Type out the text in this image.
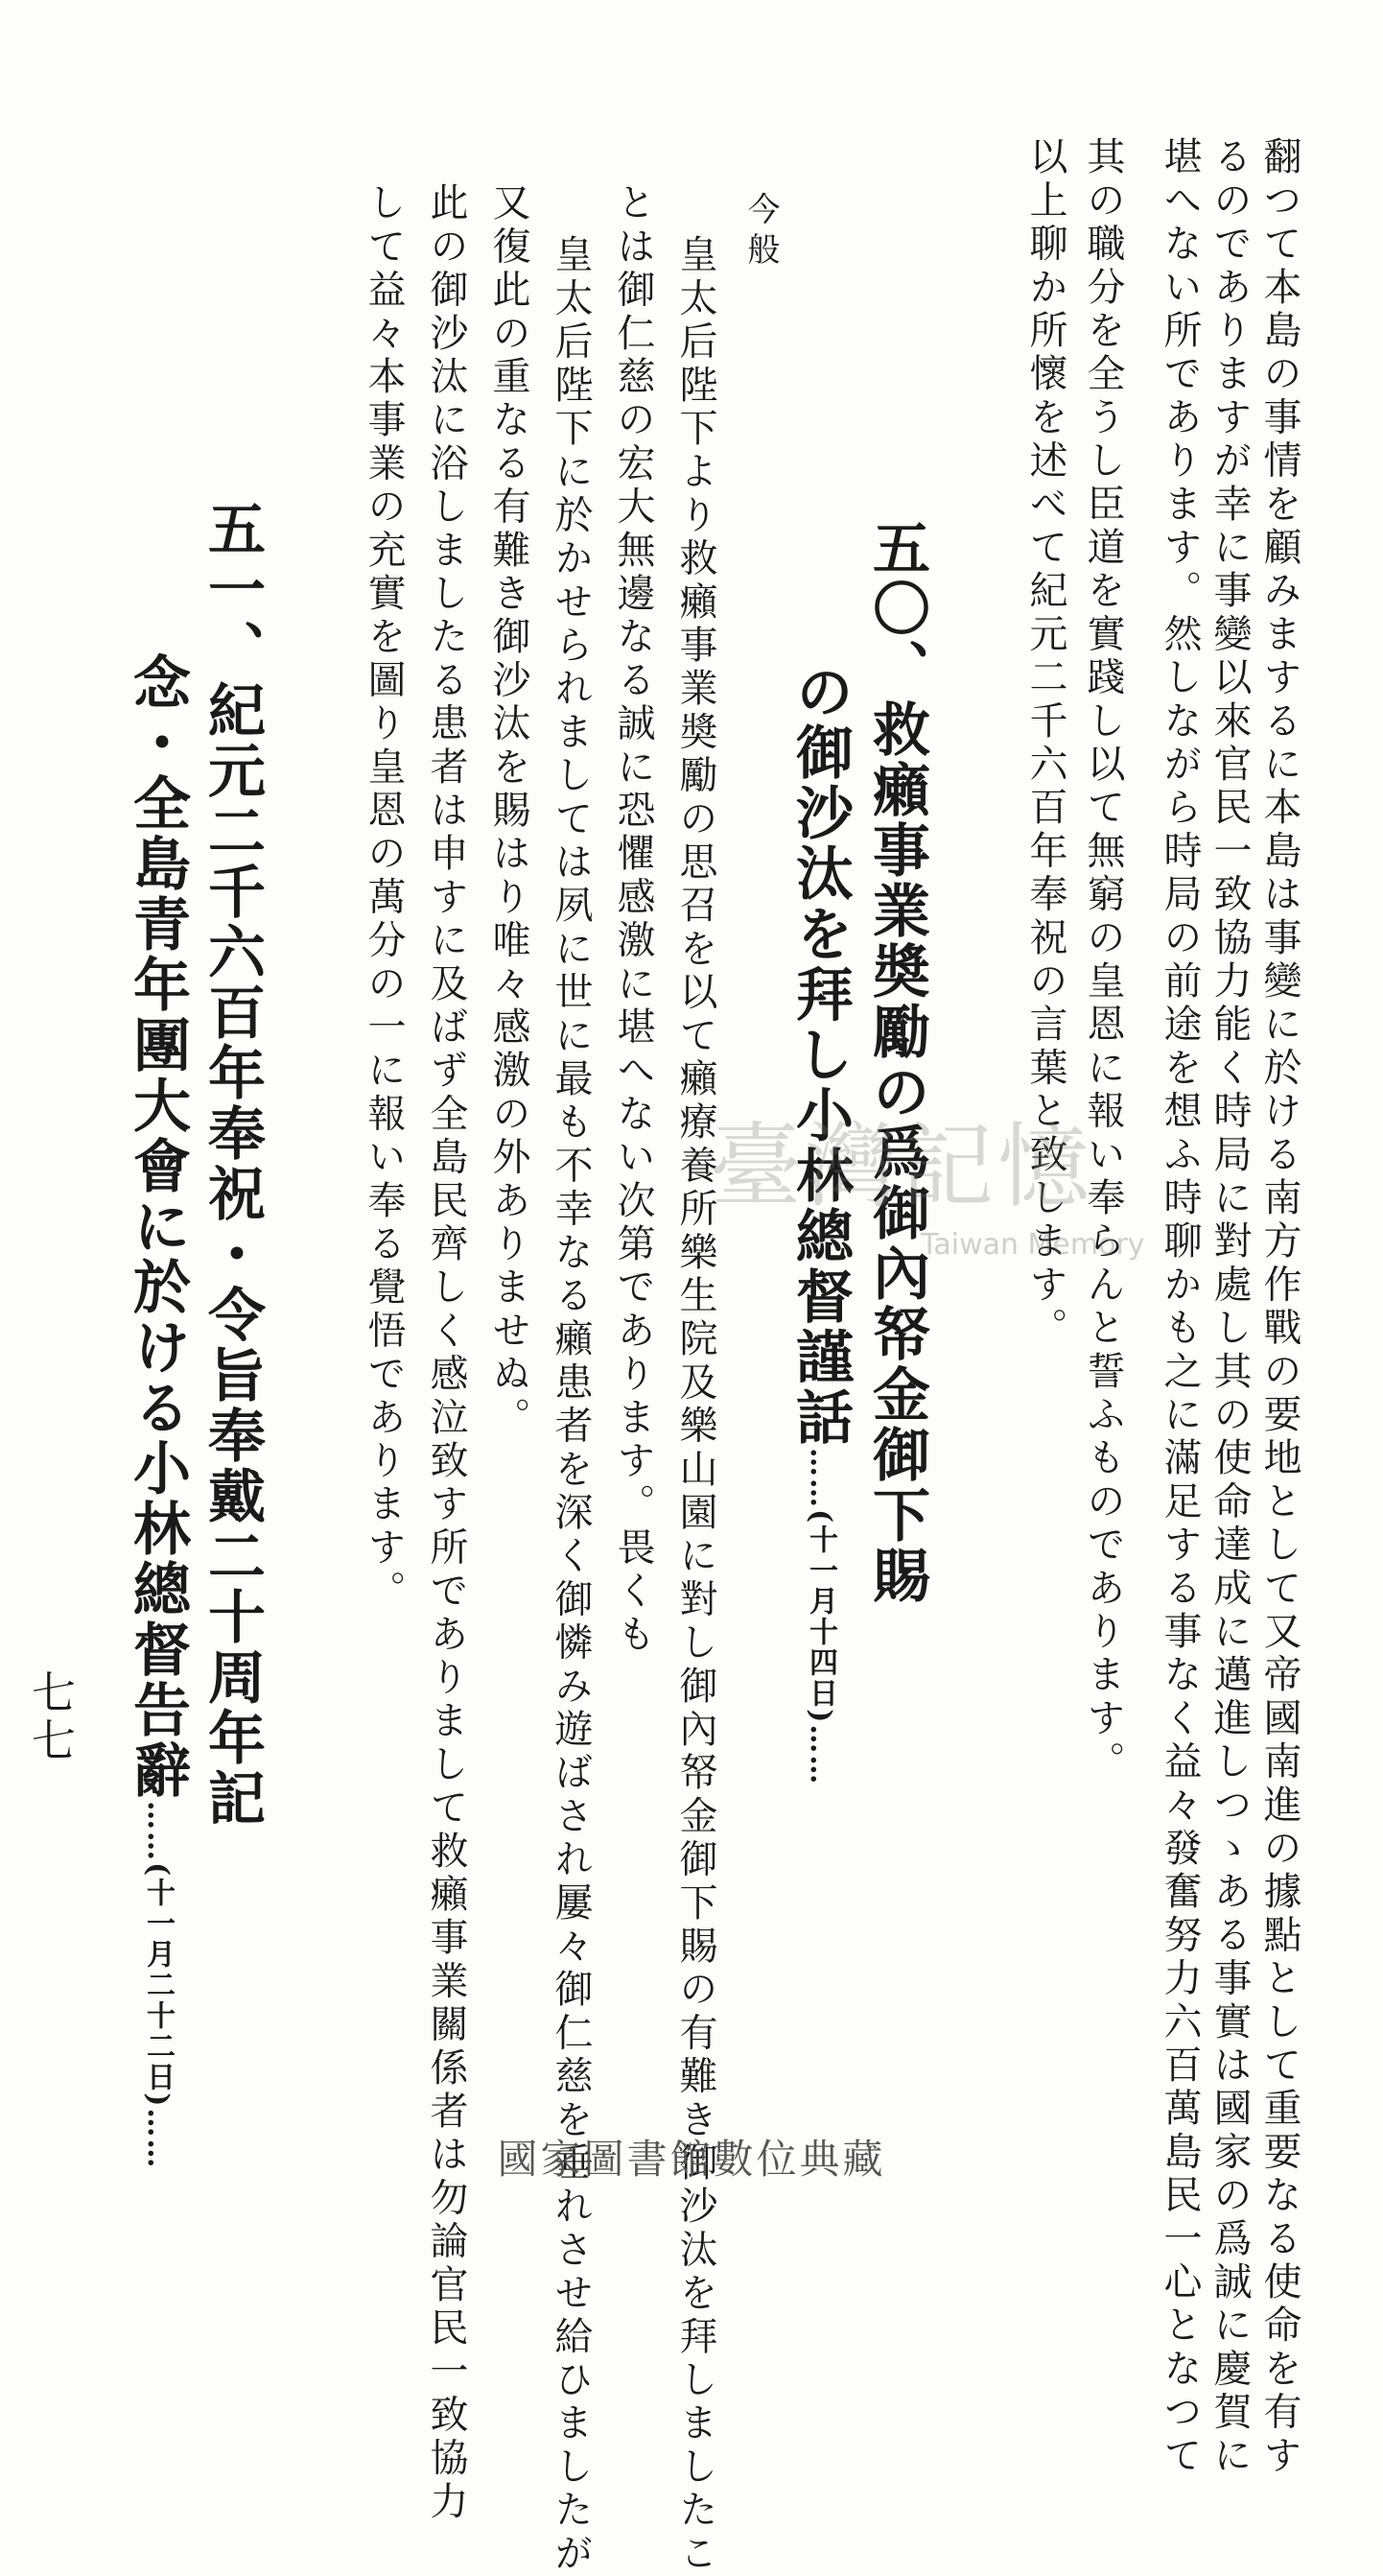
翻つて本島の事情を顧みまするに本島は事變に於ける南方作戰の要地として又帝國南進の據點として重要なる使命を有す
るのでありますが幸に事變以來官民一致協力能く時局に對處し其の使命達成に邁進しつゝある事實は國家の爲誠に慶賀に
堪へない所であります。然しながら時局の前途を想ふ時聊かも之に滿足する事なく益々發奮努力六百萬島民一心となつて
其の職分を全うし臣道を實踐し以て無窮の皇恩に報い奉らんと誓ふものであります。
以上聊か所懷を述べて紀元二千六百年奉祝の言葉と致します。
五〇、救癩事業奬勵の爲御內帑金御下賜
の御沙汰を拜し小林總督謹話……(十一月十四日)……
今般
皇太后陛下より救癩事業奬勵の思召を以て癩療養所樂生院及樂山園に對し御內帑金御下賜の有難き御沙汰を拜しましたこ
とは御仁慈の宏大無邊なる誠に恐懼感激に堪へない次第であります。畏くも
皇太后陛下に於かせられましては夙に世に最も不幸なる癩患者を深く御憐み遊ばされ屢々御仁慈を垂れさせ給ひましたが
又復此の重なる有難き御沙汰を賜はり唯々感激の外ありませぬ。
此の御沙汰に浴しましたる患者は申すに及ばず全島民齊しく感泣致す所でありまして救癩事業關係者は勿論官民一致協力
して益々本事業の充實を圖り皇恩の萬分の一に報い奉る覺悟であります。
五一、紀元二千六百年奉祝・令旨奉戴二十周年記
念・全島青年團大會に於ける小林總督告辭……(十一月二十二日)……
七七
臺灣記憶
Taiwan Memory
國家圖書館數位典藏
